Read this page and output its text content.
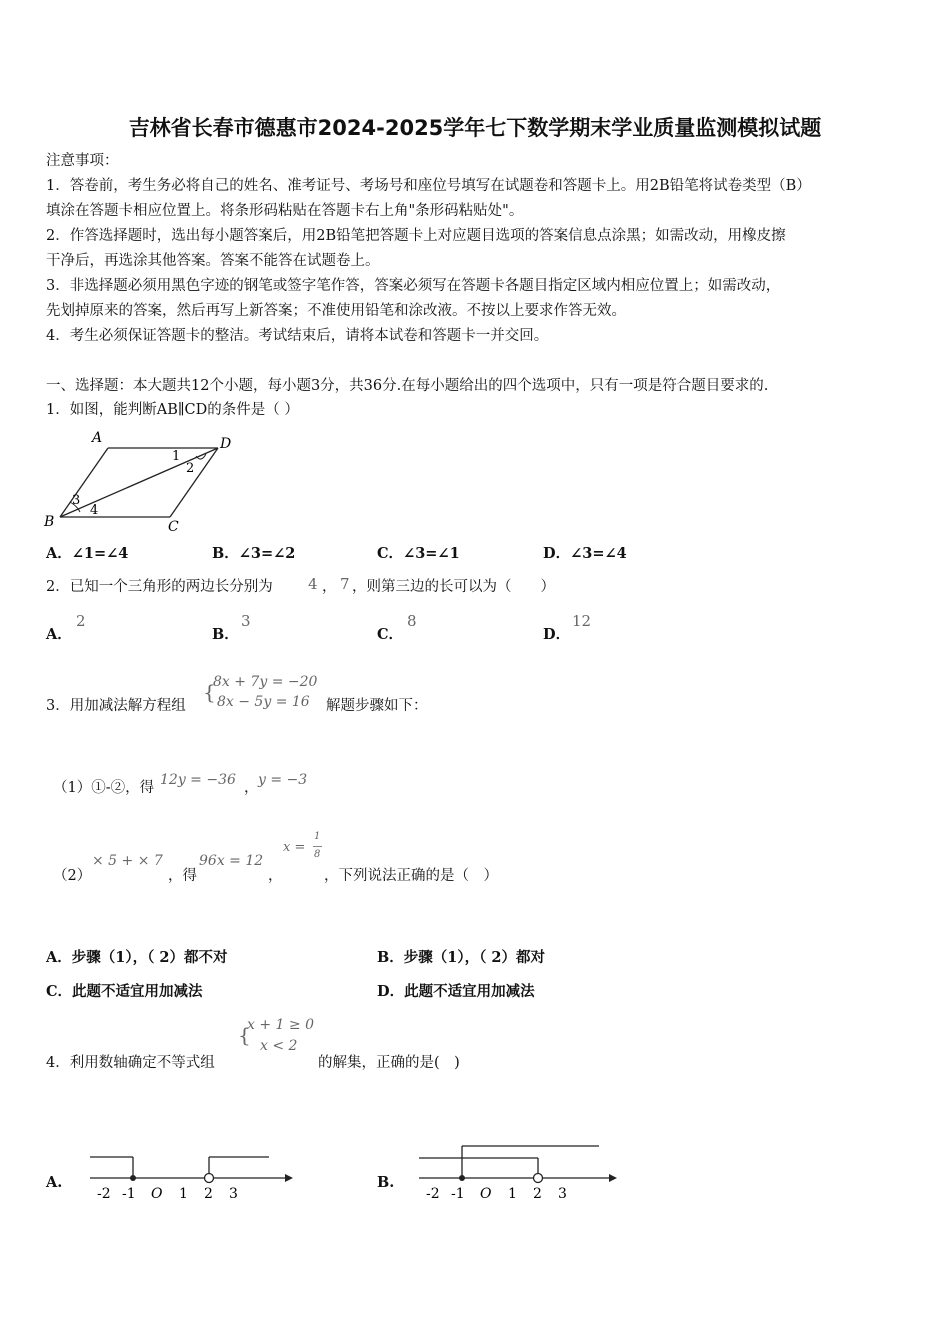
吉林省长春市德惠市2024-2025学年七下数学期末学业质量监测模拟试题
注意事项：
1．答卷前，考生务必将自己的姓名、准考证号、考场号和座位号填写在试题卷和答题卡上。用2B铅笔将试卷类型（B）
填涂在答题卡相应位置上。将条形码粘贴在答题卡右上角"条形码粘贴处"。
2．作答选择题时，选出每小题答案后，用2B铅笔把答题卡上对应题目选项的答案信息点涂黑；如需改动，用橡皮擦
干净后，再选涂其他答案。答案不能答在试题卷上。
3．非选择题必须用黑色字迹的钢笔或签字笔作答，答案必须写在答题卡各题目指定区域内相应位置上；如需改动，
先划掉原来的答案，然后再写上新答案；不准使用铅笔和涂改液。不按以上要求作答无效。
4．考生必须保证答题卡的整洁。考试结束后，请将本试卷和答题卡一并交回。
一、选择题：本大题共12个小题，每小题3分，共36分.在每小题给出的四个选项中，只有一项是符合题目要求的.
1．如图，能判断AB∥CD的条件是（ ）
A	D
B	C
1
2
3
4
A．∠1=∠4	B．∠3=∠2	C．∠3=∠1	D．∠3=∠4
2．已知一个三角形的两边长分别为 4 ， 7 ，则第三边的长可以为（　　）
A．
2
B．
3
C．
8
D．
12
3．用加减法解方程组
{
8x + 7y = −20
8x − 5y = 16 解题步骤如下：
（1）①-②，得 12y = −36 ， y = −3
（2）
× 5 + × 7
，得
96x = 12
，
x =
1
8
，下列说法正确的是（　）
A．步骤（1），（ 2）都不对	B．步骤（1），（ 2）都对
C．此题不适宜用加减法	D．此题不适宜用加减法
4．利用数轴确定不等式组
{
x + 1 ≥ 0
x < 2
的解集，正确的是(　)
A.
-2 -1 O 1 2 3
B.
-2 -1 O 1 2 3
